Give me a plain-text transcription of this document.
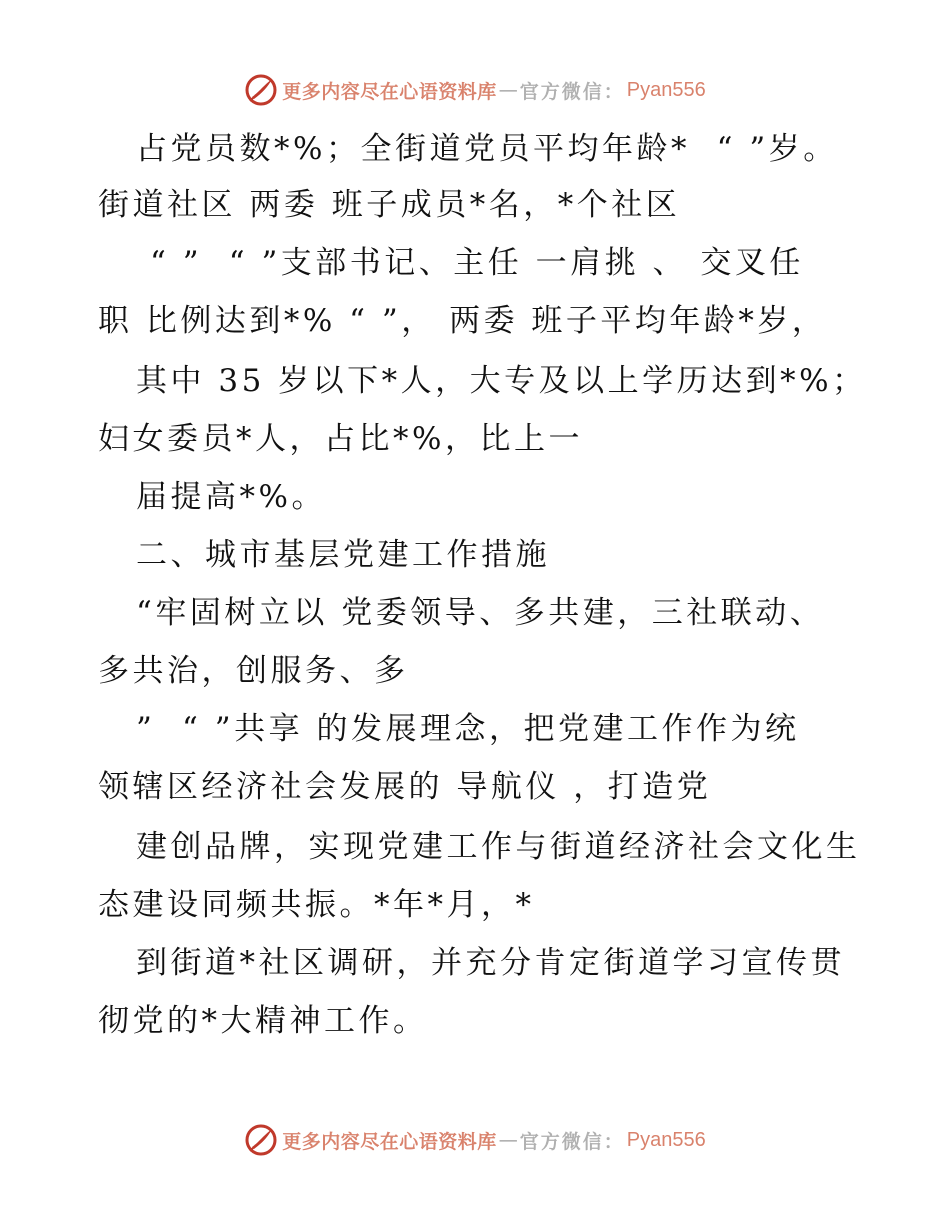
更多内容尽在心语资料库 — 官方微信： Pyan556
占党员数*%；全街道党员平均年龄*  “ ”岁。
街道社区 两委 班子成员*名，*个社区
“ ”  “ ”支部书记、主任 一肩挑 、 交叉任
职 比例达到*% “ ”， 两委 班子平均年龄*岁，
其中 35 岁以下*人，大专及以上学历达到*%；
妇女委员*人，占比*%，比上一
届提高*%。
二、城市基层党建工作措施
“牢固树立以 党委领导、多共建，三社联动、
多共治，创服务、多
”  “ ”共享 的发展理念，把党建工作作为统
领辖区经济社会发展的 导航仪 ，打造党
建创品牌，实现党建工作与街道经济社会文化生
态建设同频共振。*年*月，*
到街道*社区调研，并充分肯定街道学习宣传贯
彻党的*大精神工作。
更多内容尽在心语资料库 — 官方微信： Pyan556
